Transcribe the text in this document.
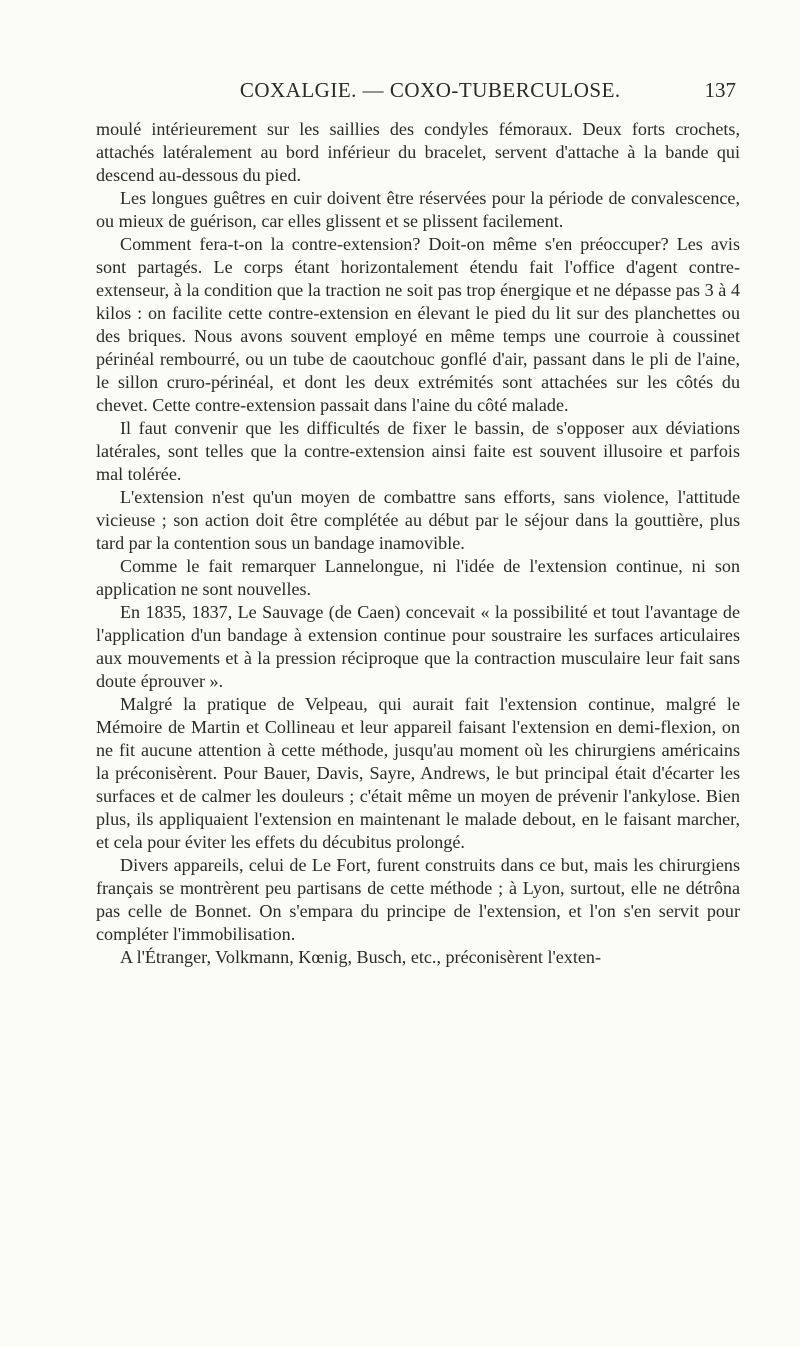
COXALGIE. — COXO-TUBERCULOSE.	137

moulé intérieurement sur les saillies des condyles fémoraux. Deux forts crochets, attachés latéralement au bord inférieur du bracelet, servent d'attache à la bande qui descend au-dessous du pied.

Les longues guêtres en cuir doivent être réservées pour la période de convalescence, ou mieux de guérison, car elles glissent et se plissent facilement.

Comment fera-t-on la contre-extension? Doit-on même s'en préoccuper? Les avis sont partagés. Le corps étant horizontalement étendu fait l'office d'agent contre-extenseur, à la condition que la traction ne soit pas trop énergique et ne dépasse pas 3 à 4 kilos : on facilite cette contre-extension en élevant le pied du lit sur des planchettes ou des briques. Nous avons souvent employé en même temps une courroie à coussinet périnéal rembourré, ou un tube de caoutchouc gonflé d'air, passant dans le pli de l'aine, le sillon cruro-périnéal, et dont les deux extrémités sont attachées sur les côtés du chevet. Cette contre-extension passait dans l'aine du côté malade.

Il faut convenir que les difficultés de fixer le bassin, de s'opposer aux déviations latérales, sont telles que la contre-extension ainsi faite est souvent illusoire et parfois mal tolérée.

L'extension n'est qu'un moyen de combattre sans efforts, sans violence, l'attitude vicieuse ; son action doit être complétée au début par le séjour dans la gouttière, plus tard par la contention sous un bandage inamovible.

Comme le fait remarquer Lannelongue, ni l'idée de l'extension continue, ni son application ne sont nouvelles.

En 1835, 1837, Le Sauvage (de Caen) concevait « la possibilité et tout l'avantage de l'application d'un bandage à extension continue pour soustraire les surfaces articulaires aux mouvements et à la pression réciproque que la contraction musculaire leur fait sans doute éprouver ».

Malgré la pratique de Velpeau, qui aurait fait l'extension continue, malgré le Mémoire de Martin et Collineau et leur appareil faisant l'extension en demi-flexion, on ne fit aucune attention à cette méthode, jusqu'au moment où les chirurgiens américains la préconisèrent. Pour Bauer, Davis, Sayre, Andrews, le but principal était d'écarter les surfaces et de calmer les douleurs ; c'était même un moyen de prévenir l'ankylose. Bien plus, ils appliquaient l'extension en maintenant le malade debout, en le faisant marcher, et cela pour éviter les effets du décubitus prolongé.

Divers appareils, celui de Le Fort, furent construits dans ce but, mais les chirurgiens français se montrèrent peu partisans de cette méthode ; à Lyon, surtout, elle ne détrôna pas celle de Bonnet. On s'empara du principe de l'extension, et l'on s'en servit pour compléter l'immobilisation.

A l'Étranger, Volkmann, Kœnig, Busch, etc., préconisèrent l'exten-
